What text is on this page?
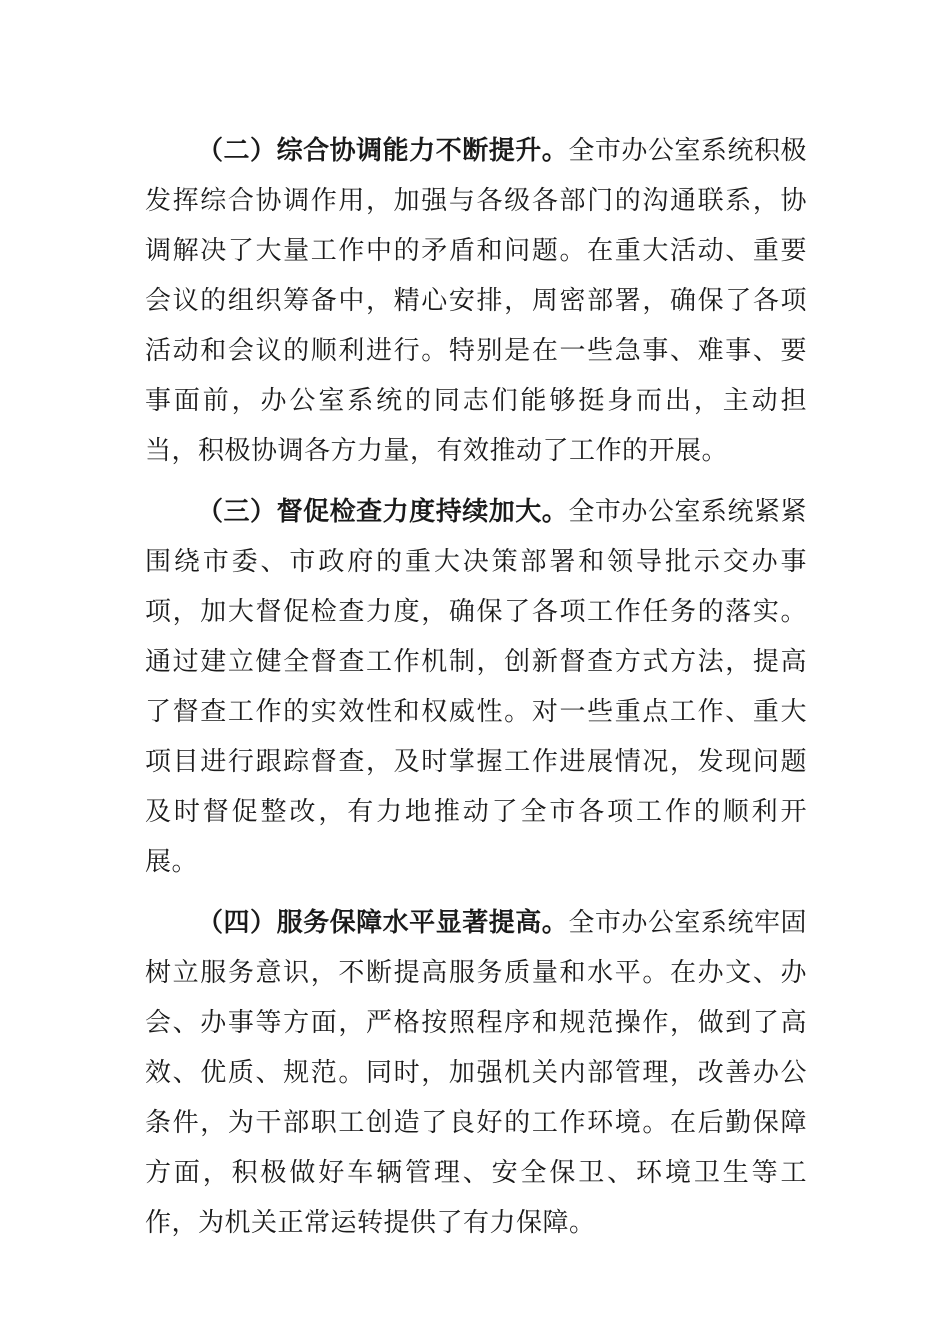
（二）综合协调能力不断提升。全市办公室系统积极发挥综合协调作用，加强与各级各部门的沟通联系，协调解决了大量工作中的矛盾和问题。在重大活动、重要会议的组织筹备中，精心安排，周密部署，确保了各项活动和会议的顺利进行。特别是在一些急事、难事、要事面前，办公室系统的同志们能够挺身而出，主动担当，积极协调各方力量，有效推动了工作的开展。

（三）督促检查力度持续加大。全市办公室系统紧紧围绕市委、市政府的重大决策部署和领导批示交办事项，加大督促检查力度，确保了各项工作任务的落实。通过建立健全督查工作机制，创新督查方式方法，提高了督查工作的实效性和权威性。对一些重点工作、重大项目进行跟踪督查，及时掌握工作进展情况，发现问题及时督促整改，有力地推动了全市各项工作的顺利开展。

（四）服务保障水平显著提高。全市办公室系统牢固树立服务意识，不断提高服务质量和水平。在办文、办会、办事等方面，严格按照程序和规范操作，做到了高效、优质、规范。同时，加强机关内部管理，改善办公条件，为干部职工创造了良好的工作环境。在后勤保障方面，积极做好车辆管理、安全保卫、环境卫生等工作，为机关正常运转提供了有力保障。
